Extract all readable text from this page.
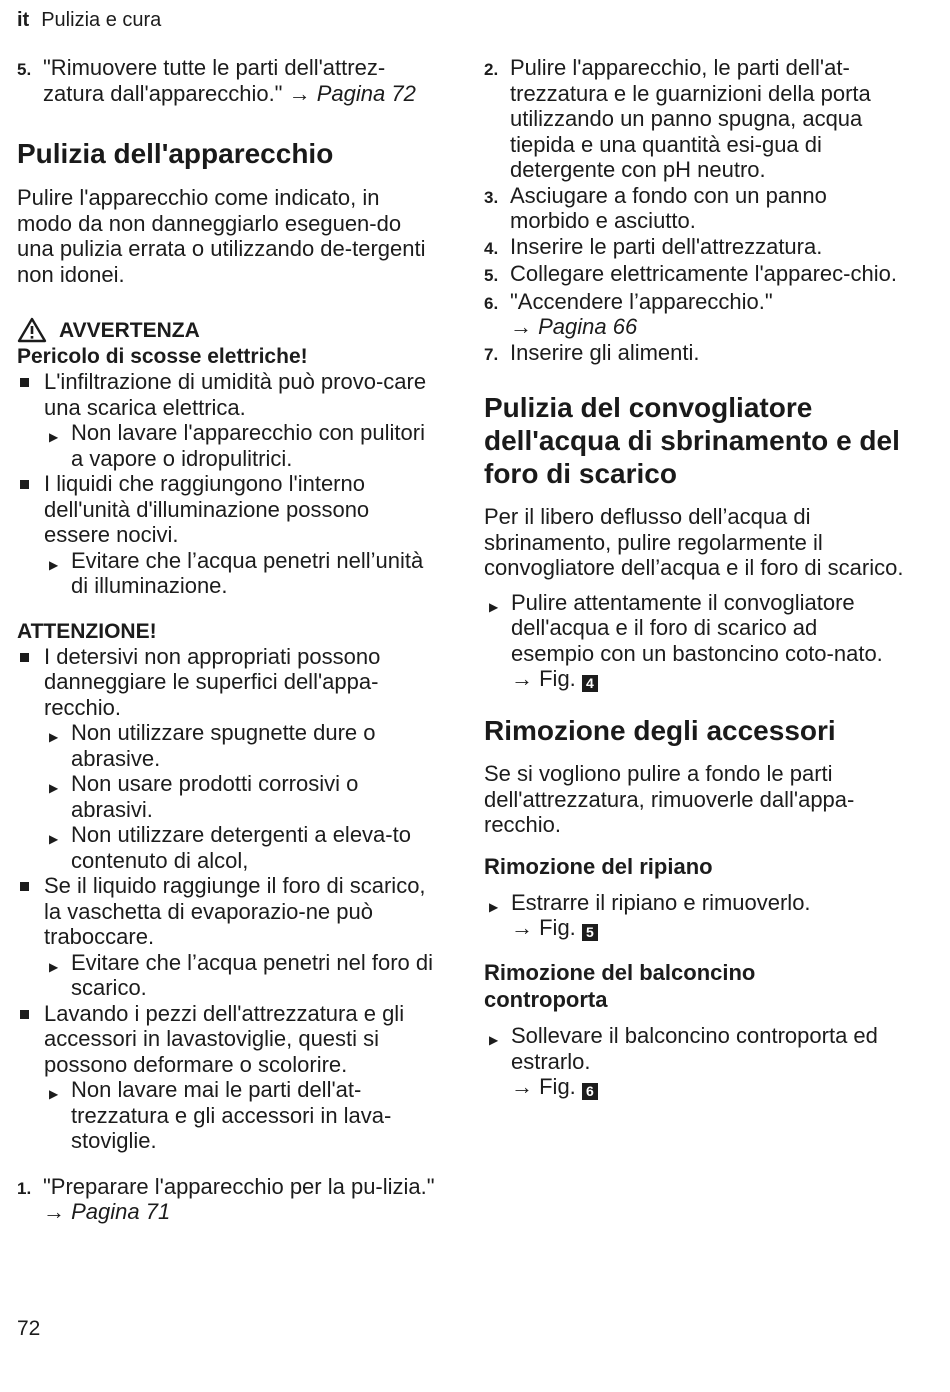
it Pulizia e cura
5. "Rimuovere tutte le parti dell'attrez-zatura dall'apparecchio." → Pagina 72
Pulizia dell'apparecchio
Pulire l'apparecchio come indicato, in modo da non danneggiarlo eseguen-do una pulizia errata o utilizzando de-tergenti non idonei.
AVVERTENZA
Pericolo di scosse elettriche!
L'infiltrazione di umidità può provo-care una scarica elettrica.
▶ Non lavare l'apparecchio con pulitori a vapore o idropulitrici.
I liquidi che raggiungono l'interno dell'unità d'illuminazione possono essere nocivi.
▶ Evitare che l’acqua penetri nell’unità di illuminazione.
ATTENZIONE!
I detersivi non appropriati possono danneggiare le superfici dell'appa-recchio.
▶ Non utilizzare spugnette dure o abrasive.
▶ Non usare prodotti corrosivi o abrasivi.
▶ Non utilizzare detergenti a eleva-to contenuto di alcol,
Se il liquido raggiunge il foro di scarico, la vaschetta di evaporazio-ne può traboccare.
▶ Evitare che l’acqua penetri nel foro di scarico.
Lavando i pezzi dell'attrezzatura e gli accessori in lavastoviglie, questi si possono deformare o scolorire.
▶ Non lavare mai le parti dell'at-trezzatura e gli accessori in lava-stoviglie.
1. "Preparare l'apparecchio per la pu-lizia." → Pagina 71
2. Pulire l'apparecchio, le parti dell'at-trezzatura e le guarnizioni della porta utilizzando un panno spugna, acqua tiepida e una quantità esi-gua di detergente con pH neutro.
3. Asciugare a fondo con un panno morbido e asciutto.
4. Inserire le parti dell'attrezzatura.
5. Collegare elettricamente l'apparec-chio.
6. "Accendere l’apparecchio."
→ Pagina 66
7. Inserire gli alimenti.
Pulizia del convogliatore dell'acqua di sbrinamento e del foro di scarico
Per il libero deflusso dell’acqua di sbrinamento, pulire regolarmente il convogliatore dell’acqua e il foro di scarico.
▶ Pulire attentamente il convogliatore dell'acqua e il foro di scarico ad esempio con un bastoncino coto-nato.
→ Fig. 4
Rimozione degli accessori
Se si vogliono pulire a fondo le parti dell'attrezzatura, rimuoverle dall'appa-recchio.
Rimozione del ripiano
▶ Estrarre il ripiano e rimuoverlo.
→ Fig. 5
Rimozione del balconcino controporta
▶ Sollevare il balconcino controporta ed estrarlo.
→ Fig. 6
72
